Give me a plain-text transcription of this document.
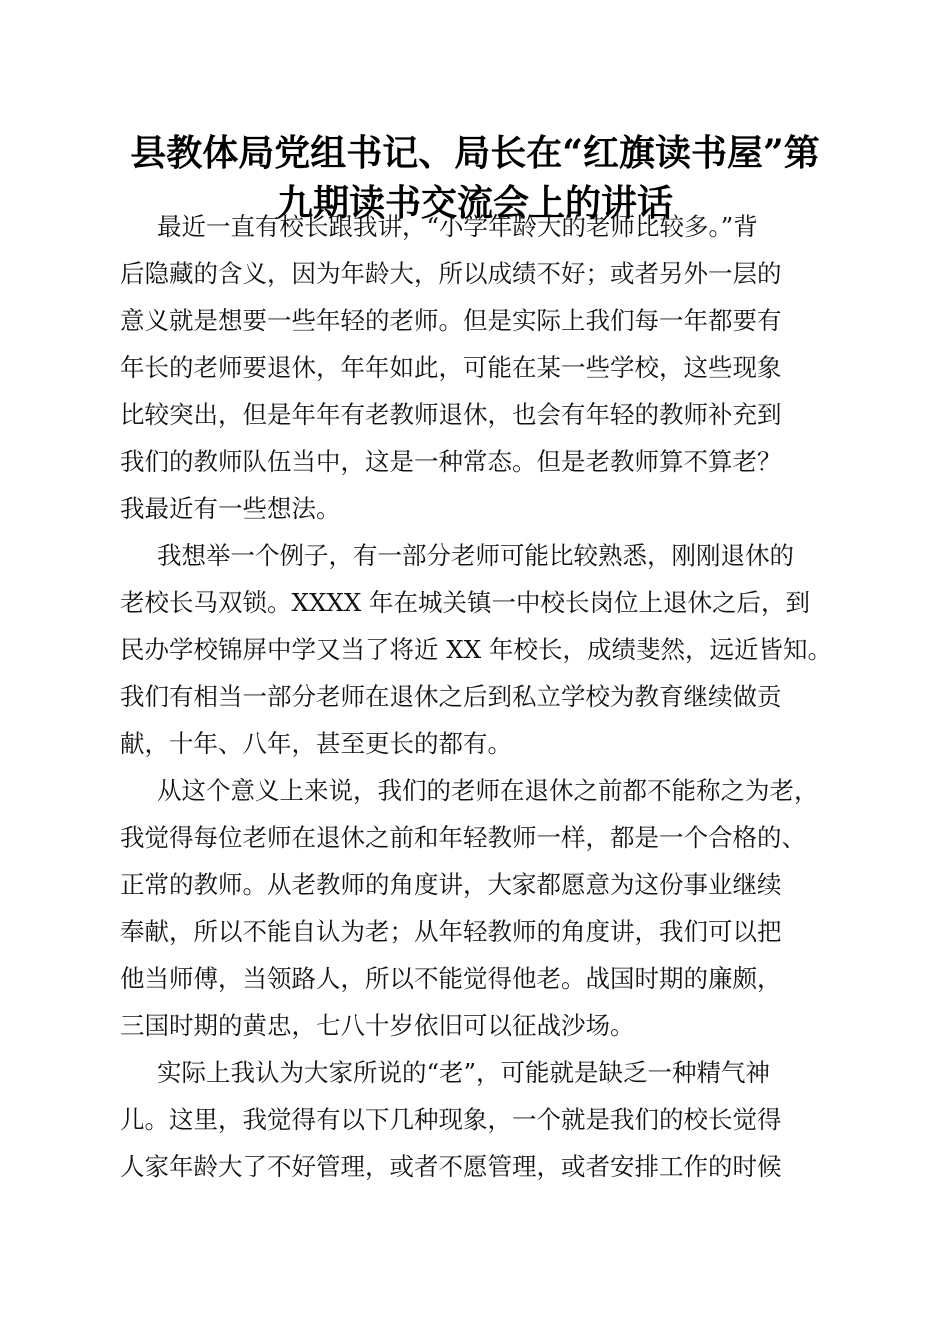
县教体局党组书记、局长在“红旗读书屋”第
九期读书交流会上的讲话
最近一直有校长跟我讲，“小学年龄大的老师比较多。”背
后隐藏的含义，因为年龄大，所以成绩不好；或者另外一层的
意义就是想要一些年轻的老师。但是实际上我们每一年都要有
年长的老师要退休，年年如此，可能在某一些学校，这些现象
比较突出，但是年年有老教师退休，也会有年轻的教师补充到
我们的教师队伍当中，这是一种常态。但是老教师算不算老？
我最近有一些想法。
我想举一个例子，有一部分老师可能比较熟悉，刚刚退休的
老校长马双锁。XXXX 年在城关镇一中校长岗位上退休之后，到
民办学校锦屏中学又当了将近 XX 年校长，成绩斐然，远近皆知。
我们有相当一部分老师在退休之后到私立学校为教育继续做贡
献，十年、八年，甚至更长的都有。
从这个意义上来说，我们的老师在退休之前都不能称之为老，
我觉得每位老师在退休之前和年轻教师一样，都是一个合格的、
正常的教师。从老教师的角度讲，大家都愿意为这份事业继续
奉献，所以不能自认为老；从年轻教师的角度讲，我们可以把
他当师傅，当领路人，所以不能觉得他老。战国时期的廉颇，
三国时期的黄忠，七八十岁依旧可以征战沙场。
实际上我认为大家所说的“老”，可能就是缺乏一种精气神
儿。这里，我觉得有以下几种现象，一个就是我们的校长觉得
人家年龄大了不好管理，或者不愿管理，或者安排工作的时候
